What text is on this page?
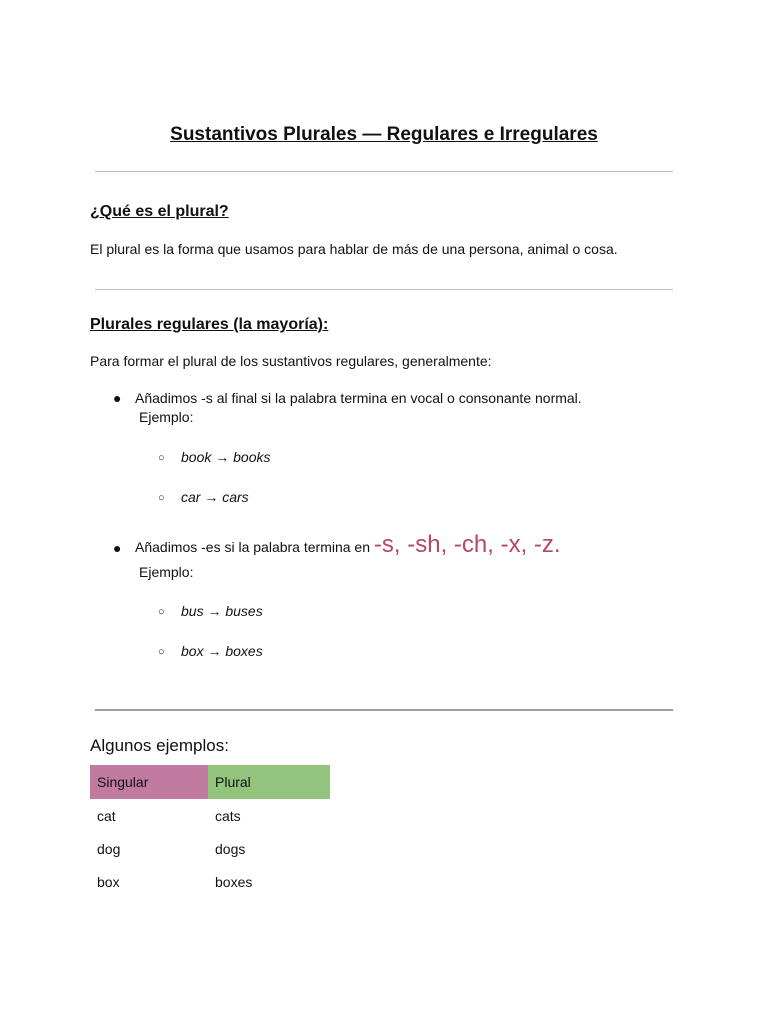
Sustantivos Plurales — Regulares e Irregulares
¿Qué es el plural?
El plural es la forma que usamos para hablar de más de una persona, animal o cosa.
Plurales regulares (la mayoría):
Para formar el plural de los sustantivos regulares, generalmente:
● Añadimos -s al final si la palabra termina en vocal o consonante normal.
Ejemplo:
○ book → books
○ car → cars
● Añadimos -es si la palabra termina en -s, -sh, -ch, -x, -z.
Ejemplo:
○ bus → buses
○ box → boxes
Algunos ejemplos:
Singular	Plural
cat	cats
dog	dogs
box	boxes
